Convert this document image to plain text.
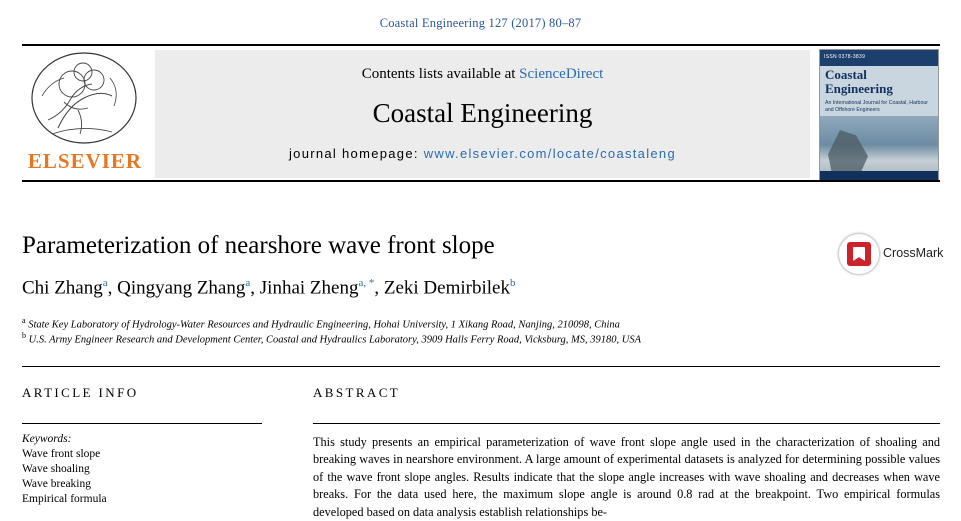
Coastal Engineering 127 (2017) 80–87
ELSEVIER
Contents lists available at ScienceDirect
Coastal Engineering
journal homepage: www.elsevier.com/locate/coastaleng
ISSN 0378-3839
Coastal Engineering
An International Journal for Coastal, Harbour and Offshore Engineers
Parameterization of nearshore wave front slope
Chi Zhang$^a$, Qingyang Zhang$^a$, Jinhai Zheng$^{a, *}$, Zeki Demirbilek$^b$
$^a$ State Key Laboratory of Hydrology-Water Resources and Hydraulic Engineering, Hohai University, 1 Xikang Road, Nanjing, 210098, China
$^b$ U.S. Army Engineer Research and Development Center, Coastal and Hydraulics Laboratory, 3909 Halls Ferry Road, Vicksburg, MS, 39180, USA
CrossMark
ARTICLE INFO
Keywords:
Wave front slope
Wave shoaling
Wave breaking
Empirical formula
ABSTRACT
This study presents an empirical parameterization of wave front slope angle used in the characterization of shoaling and breaking waves in nearshore environment. A large amount of experimental datasets is analyzed for determining possible values of the wave front slope angles. Results indicate that the slope angle increases with wave shoaling and decreases when wave breaks. For the data used here, the maximum slope angle is around 0.8 rad at the breakpoint. Two empirical formulas developed based on data analysis establish relationships be-
